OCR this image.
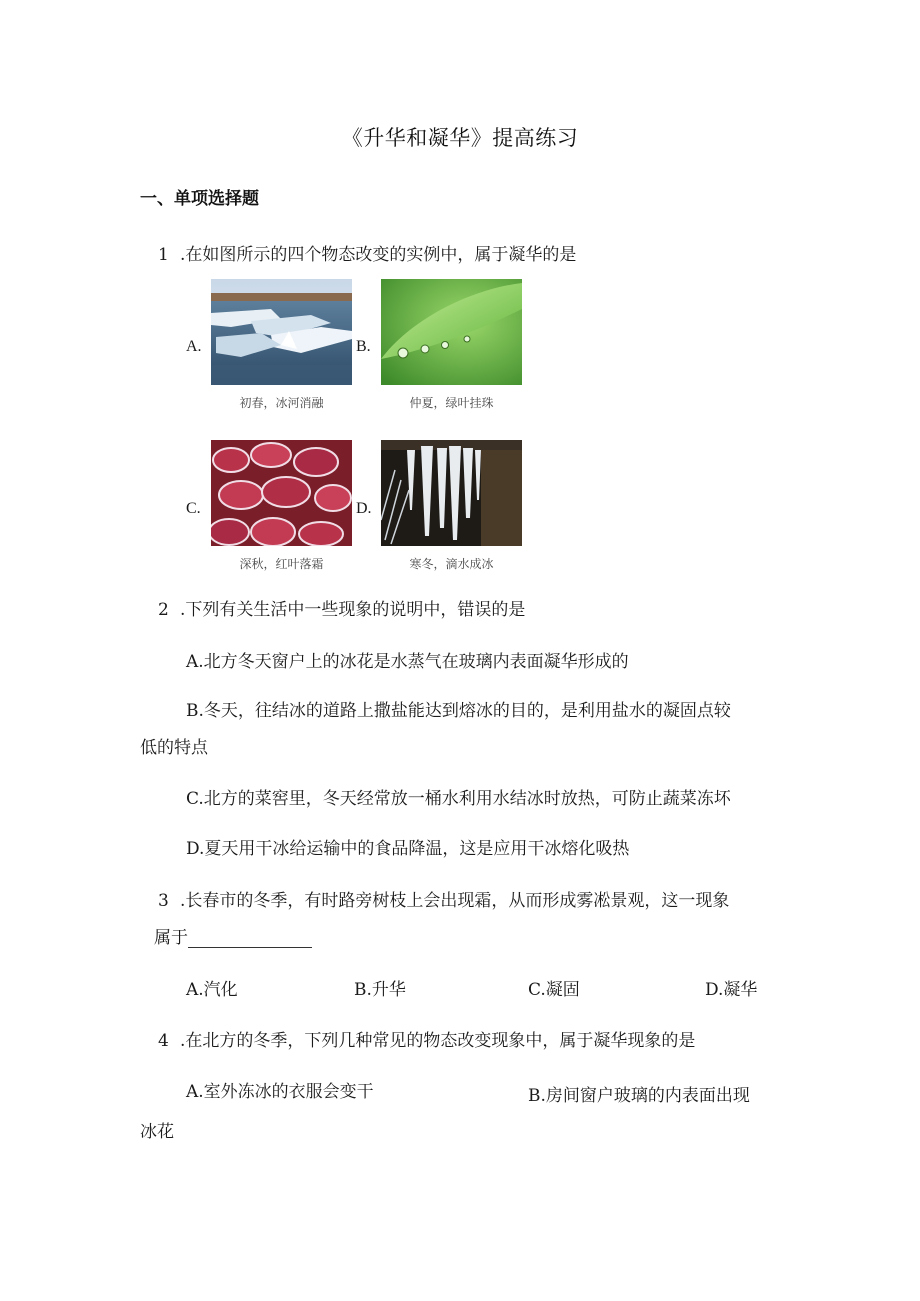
《升华和凝华》提高练习
一、单项选择题
1 .在如图所示的四个物态改变的实例中，属于凝华的是
A.
初春，冰河消融
B.
仲夏，绿叶挂珠
C.
深秋，红叶落霜
D.
寒冬，滴水成冰
2 .下列有关生活中一些现象的说明中，错误的是
A.北方冬天窗户上的冰花是水蒸气在玻璃内表面凝华形成的
B.冬天，往结冰的道路上撒盐能达到熔冰的目的，是利用盐水的凝固点较
低的特点
C.北方的菜窖里，冬天经常放一桶水利用水结冰时放热，可防止蔬菜冻坏
D.夏天用干冰给运输中的食品降温，这是应用干冰熔化吸热
3 .长春市的冬季，有时路旁树枝上会出现霜，从而形成雾凇景观，这一现象
属于
A.汽化	B.升华	C.凝固	D.凝华
4 .在北方的冬季，下列几种常见的物态改变现象中，属于凝华现象的是
A.室外冻冰的衣服会变干	B.房间窗户玻璃的内表面出现
冰花
